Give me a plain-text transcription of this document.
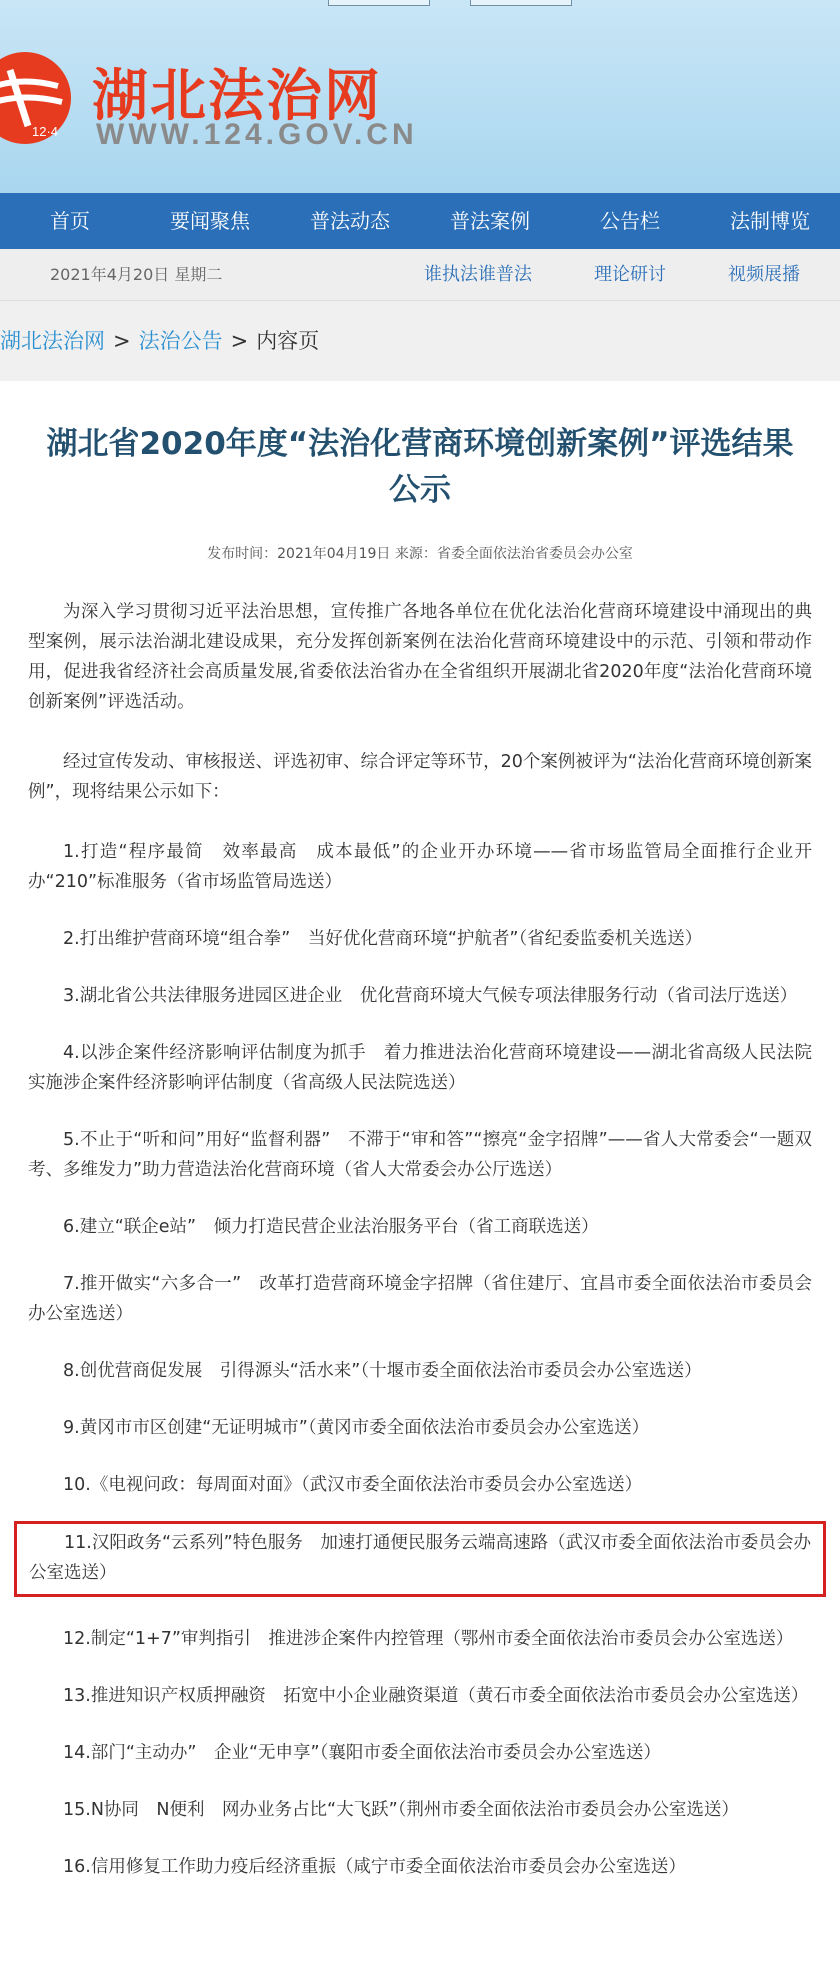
12·4
湖北法治网
WWW.124.GOV.CN
首页	要闻聚焦	普法动态	普法案例	公告栏	法制博览
2021年4月20日 星期二	谁执法谁普法	理论研讨	视频展播
湖北法治网 > 法治公告 > 内容页
湖北省2020年度“法治化营商环境创新案例”评选结果公示
发布时间：2021年04月19日 来源：省委全面依法治省委员会办公室

为深入学习贯彻习近平法治思想，宣传推广各地各单位在优化法治化营商环境建设中涌现出的典型案例，展示法治湖北建设成果，充分发挥创新案例在法治化营商环境建设中的示范、引领和带动作用，促进我省经济社会高质量发展,省委依法治省办在全省组织开展湖北省2020年度“法治化营商环境创新案例”评选活动。

经过宣传发动、审核报送、评选初审、综合评定等环节，20个案例被评为“法治化营商环境创新案例”，现将结果公示如下：

1.打造“程序最简　效率最高　成本最低”的企业开办环境——省市场监管局全面推行企业开办“210”标准服务（省市场监管局选送）

2.打出维护营商环境“组合拳”　当好优化营商环境“护航者”（省纪委监委机关选送）

3.湖北省公共法律服务进园区进企业　优化营商环境大气候专项法律服务行动（省司法厅选送）

4.以涉企案件经济影响评估制度为抓手　着力推进法治化营商环境建设——湖北省高级人民法院实施涉企案件经济影响评估制度（省高级人民法院选送）

5.不止于“听和问”用好“监督利器”　不滞于“审和答”“擦亮“金字招牌”——省人大常委会“一题双考、多维发力”助力营造法治化营商环境（省人大常委会办公厅选送）

6.建立“联企e站”　倾力打造民营企业法治服务平台（省工商联选送）

7.推开做实“六多合一”　改革打造营商环境金字招牌（省住建厅、宜昌市委全面依法治市委员会办公室选送）

8.创优营商促发展　引得源头“活水来”（十堰市委全面依法治市委员会办公室选送）

9.黄冈市市区创建“无证明城市”（黄冈市委全面依法治市委员会办公室选送）

10.《电视问政：每周面对面》（武汉市委全面依法治市委员会办公室选送）

11.汉阳政务“云系列”特色服务　加速打通便民服务云端高速路（武汉市委全面依法治市委员会办公室选送）

12.制定“1+7”审判指引　推进涉企案件内控管理（鄂州市委全面依法治市委员会办公室选送）

13.推进知识产权质押融资　拓宽中小企业融资渠道（黄石市委全面依法治市委员会办公室选送）

14.部门“主动办”　企业“无申享”（襄阳市委全面依法治市委员会办公室选送）

15.N协同　N便利　网办业务占比“大飞跃”（荆州市委全面依法治市委员会办公室选送）

16.信用修复工作助力疫后经济重振（咸宁市委全面依法治市委员会办公室选送）
